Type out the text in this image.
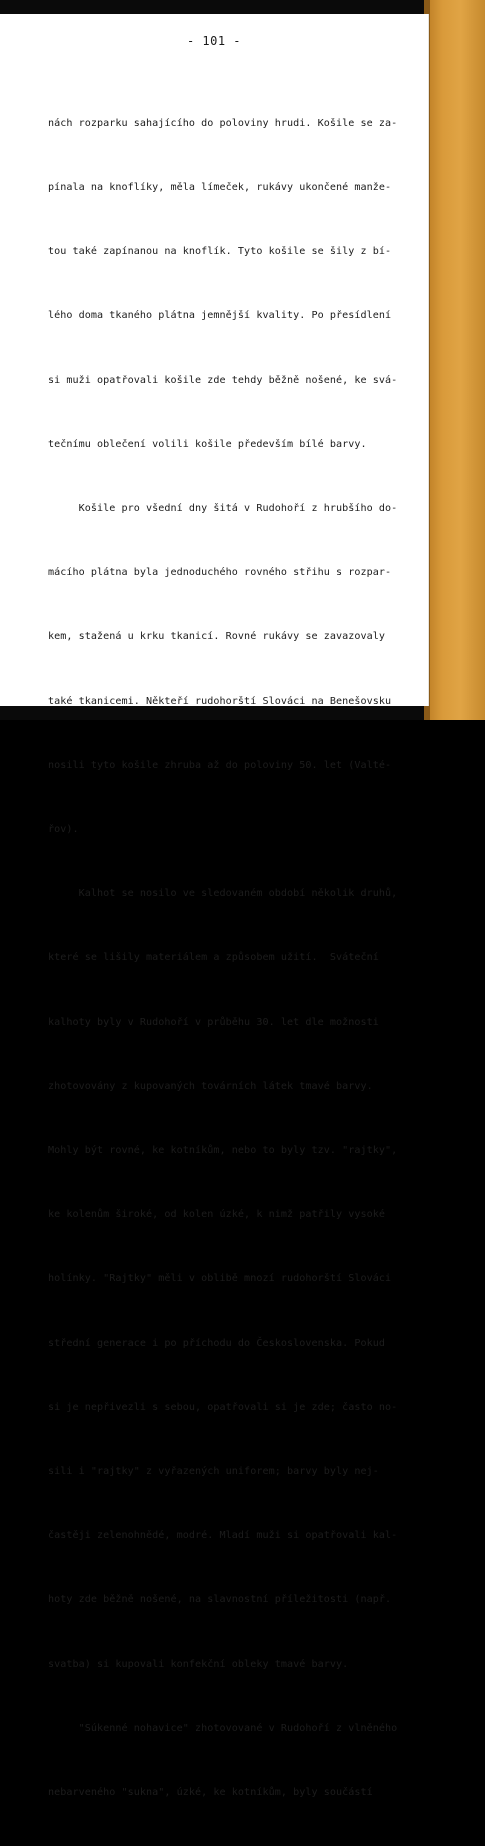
- 101 -

nách rozparku sahajícího do poloviny hrudi. Košile se za-

pínala na knoflíky, měla límeček, rukávy ukončené manže-

tou také zapínanou na knoflík. Tyto košile se šily z bí-

lého doma tkaného plátna jemnější kvality. Po přesídlení

si muži opatřovali košile zde tehdy běžně nošené, ke svá-

tečnímu oblečení volili košile především bílé barvy.

Košile pro všední dny šitá v Rudohoří z hrubšího do-

mácího plátna byla jednoduchého rovného střihu s rozpar-

kem, stažená u krku tkanicí. Rovné rukávy se zavazovaly

také tkanicemi. Někteří rudohorští Slováci na Benešovsku

nosili tyto košile zhruba až do poloviny 50. let (Valté-

řov).

Kalhot se nosilo ve sledovaném období několik druhů,

které se lišily materiálem a způsobem užití.  Sváteční

kalhoty byly v Rudohoří v průběhu 30. let dle možnosti

zhotovovány z kupovaných továrních látek tmavé barvy.

Mohly být rovné, ke kotníkům, nebo to byly tzv. "rajtky",

ke kolenům široké, od kolen úzké, k nimž patřily vysoké

holínky. "Rajtky" měli v oblibě mnozí rudohorští Slováci

střední generace i po příchodu do Československa. Pokud

si je nepřivezli s sebou, opatřovali si je zde; často no-

sili i "rajtky" z vyřazených uniforem; barvy byly nej-

častěji zelenohnědé, modré. Mladí muži si opatřovali kal-

hoty zde běžně nošené, na slavnostní příležitosti (např.

svatba) si kupovali konfekční obleky tmavé barvy.

"Súkenné nohavice" zhotovované v Rudohoří z vlněného

nebarveného "sukna", úzké, ke kotníkům, byly součástí
